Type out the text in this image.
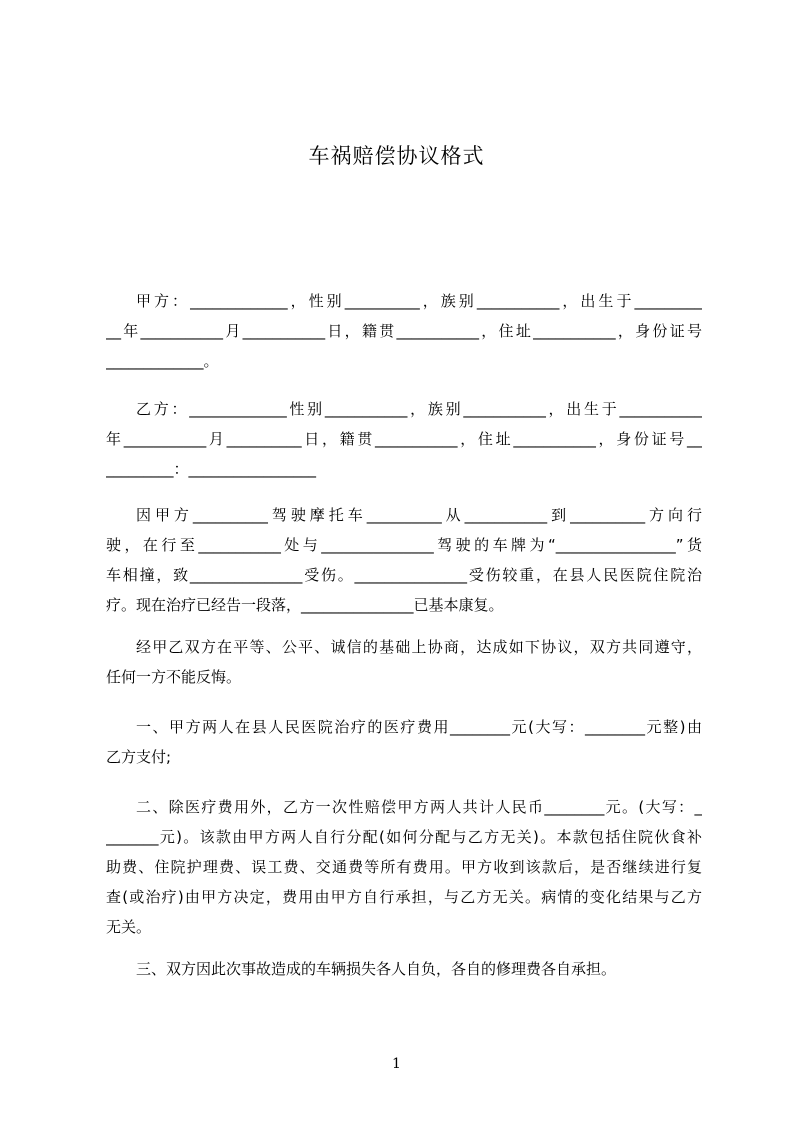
车祸赔偿协议格式
甲方：_____________，性别__________，族别___________，出生于_________
__年___________月___________日，籍贯___________，住址___________，身份证号
_____________。
乙方：_____________性别___________，族别___________，出生于___________
年___________月__________日，籍贯___________，住址___________，身份证号__
_________：_________________
因甲方__________驾驶摩托车__________从___________到__________方向行
驶，在行至___________处与_______________驾驶的车牌为“________________”货
车相撞，致_______________受伤。_______________受伤较重，在县人民医院住院治
疗。现在治疗已经告一段落，_______________已基本康复。
经甲乙双方在平等、公平、诚信的基础上协商，达成如下协议，双方共同遵守，
任何一方不能反悔。
一、甲方两人在县人民医院治疗的医疗费用________元(大写：________元整)由
乙方支付;
二、除医疗费用外，乙方一次性赔偿甲方两人共计人民币________元。(大写：_
_______元)。该款由甲方两人自行分配(如何分配与乙方无关)。本款包括住院伙食补
助费、住院护理费、误工费、交通费等所有费用。甲方收到该款后，是否继续进行复
查(或治疗)由甲方决定，费用由甲方自行承担，与乙方无关。病情的变化结果与乙方
无关。
三、双方因此次事故造成的车辆损失各人自负，各自的修理费各自承担。
1
